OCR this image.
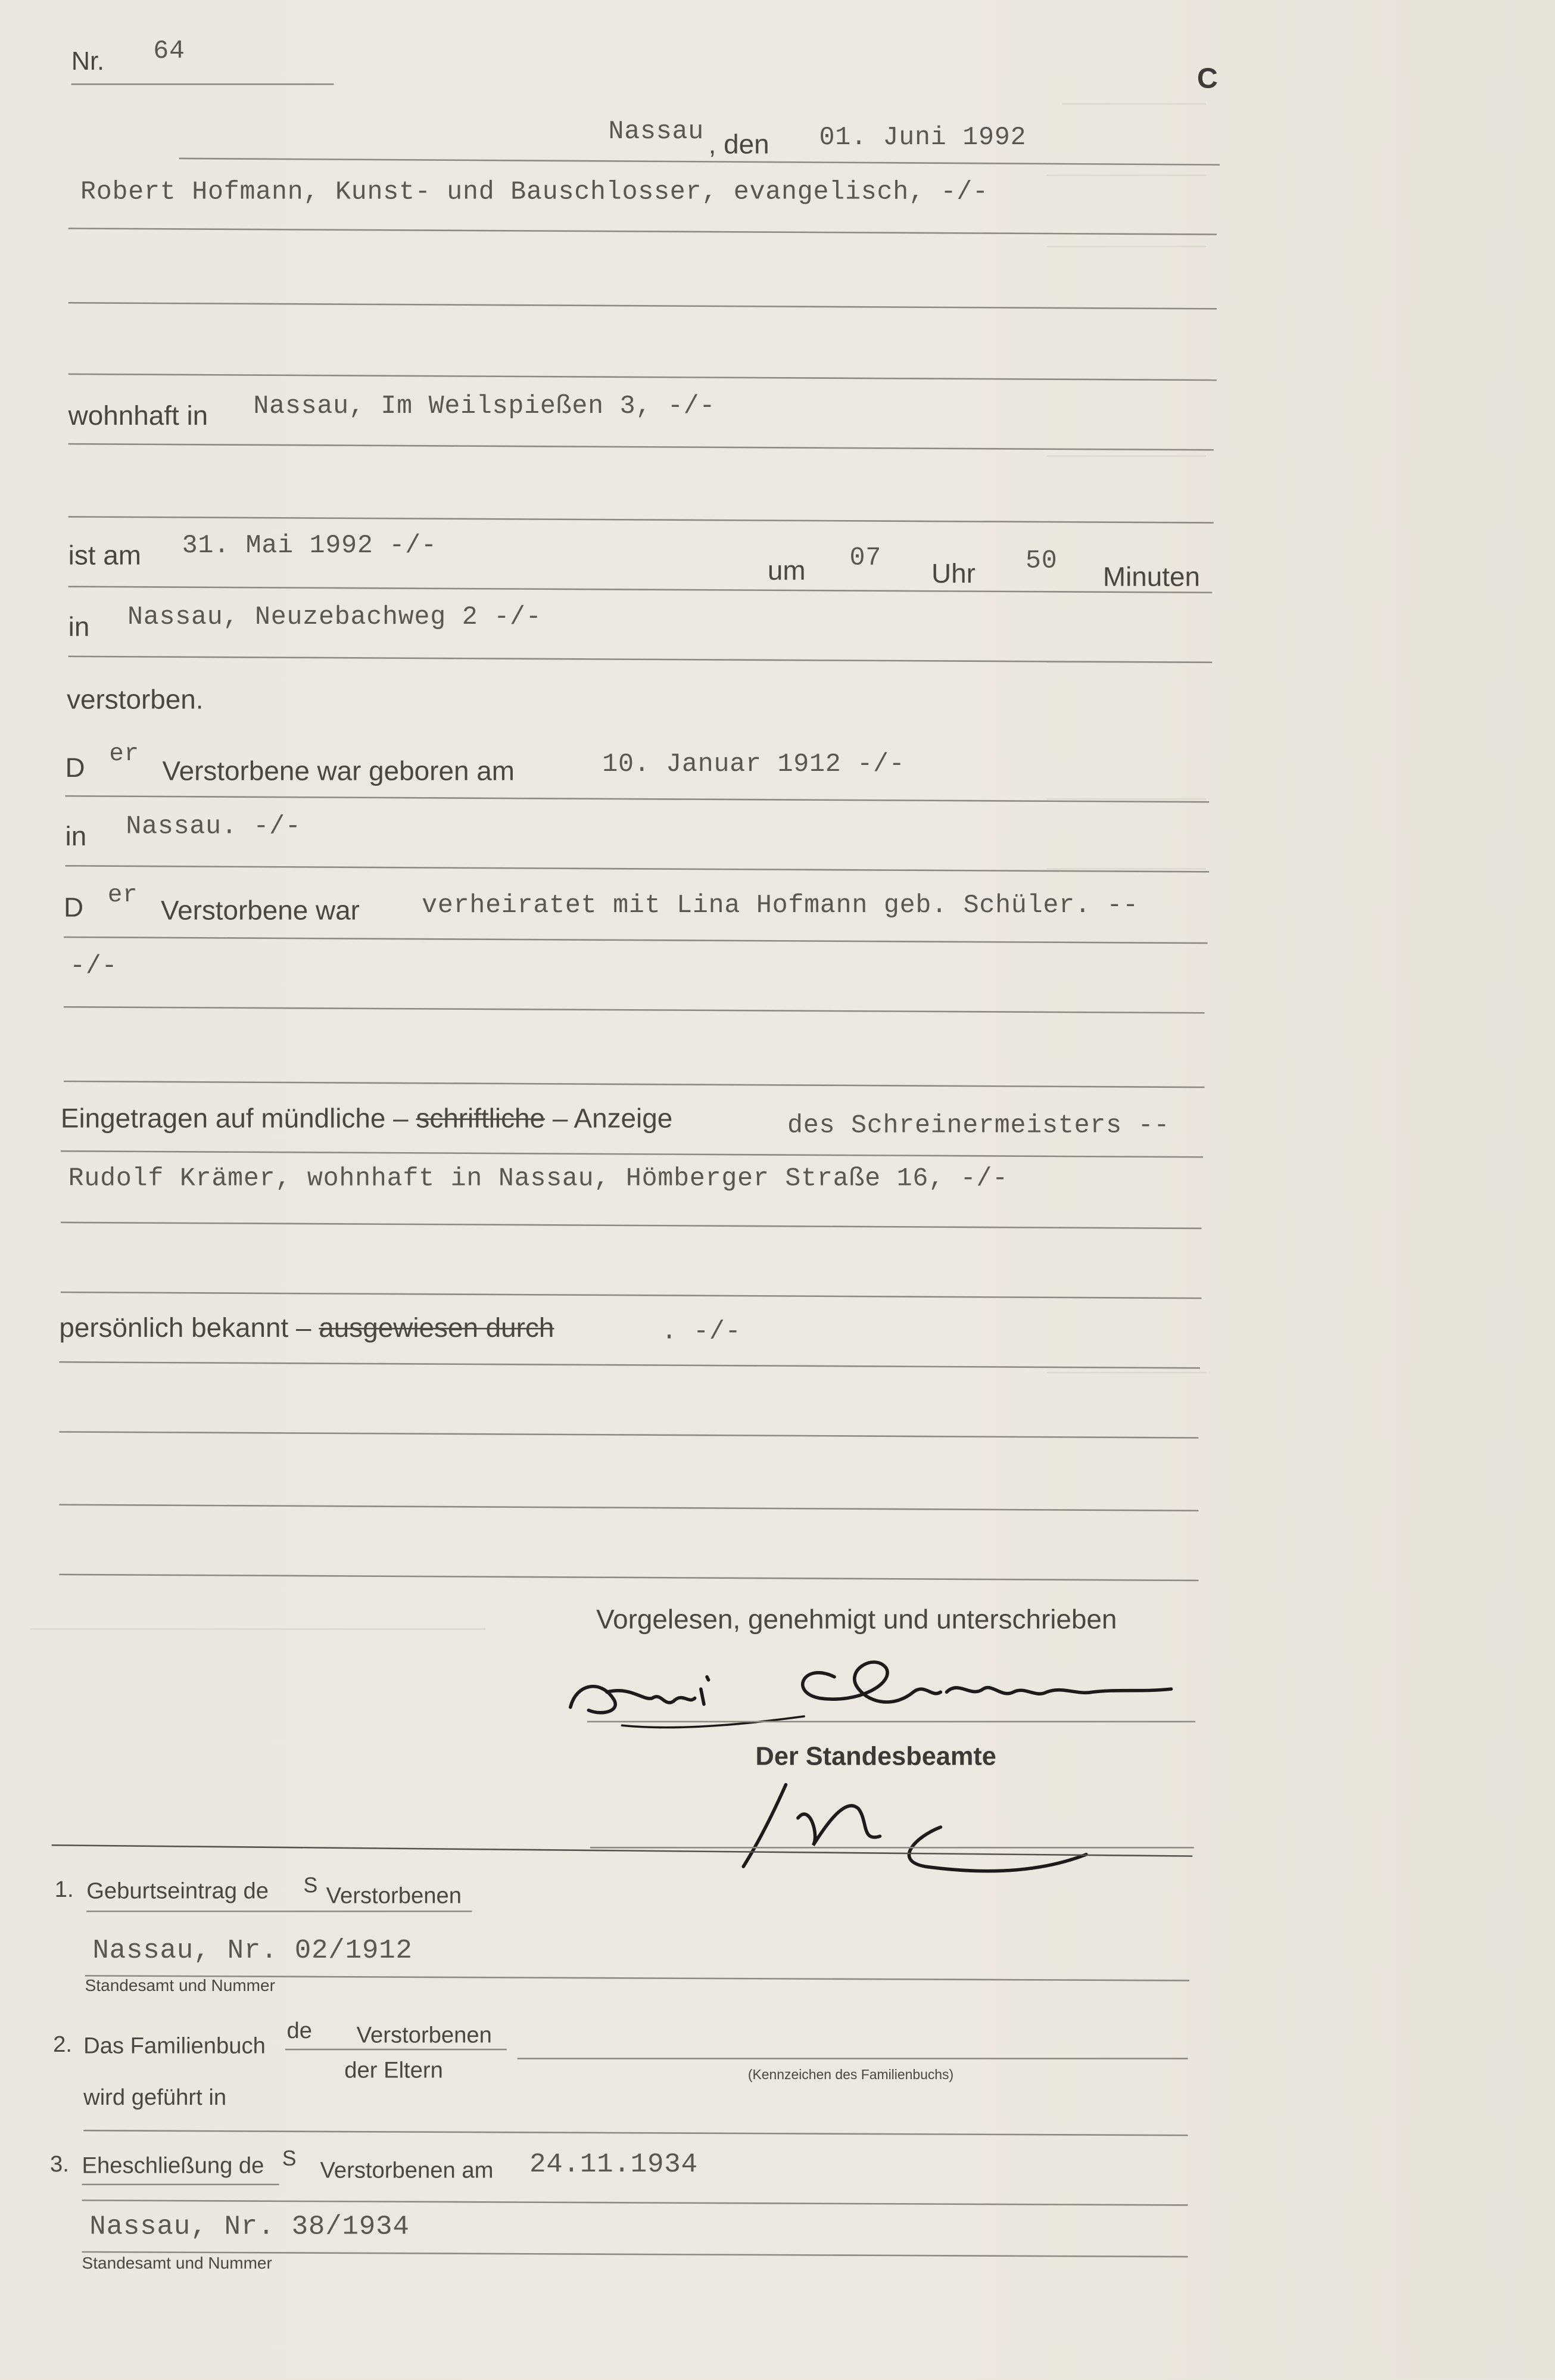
Nr.	64
C
Nassau , den	01. Juni 1992
Robert Hofmann, Kunst- und Bauschlosser, evangelisch, -/-
wohnhaft in	Nassau, Im Weilspießen 3, -/-
ist am	31. Mai 1992 -/-
um	07	Uhr	50	Minuten
in	Nassau, Neuzebachweg 2 -/-
verstorben.
D	er
Verstorbene war geboren am	10. Januar 1912 -/-
in	Nassau. -/-
D	er
Verstorbene war	verheiratet mit Lina Hofmann geb. Schüler. --
-/-
Eingetragen auf mündliche – schriftliche – Anzeige	des Schreinermeisters --
Rudolf Krämer, wohnhaft in Nassau, Hömberger Straße 16, -/-
persönlich bekannt – ausgewiesen durch	. -/-
Vorgelesen, genehmigt und unterschrieben
Der Standesbeamte
1. Geburtseintrag de	S Verstorbenen
Nassau, Nr. 02/1912
Standesamt und Nummer
2. Das Familienbuch
de	Verstorbenen
der Eltern	(Kennzeichen des Familienbuchs)
wird geführt in
3. Eheschließung de S	Verstorbenen am	24.11.1934
Nassau, Nr. 38/1934
Standesamt und Nummer
